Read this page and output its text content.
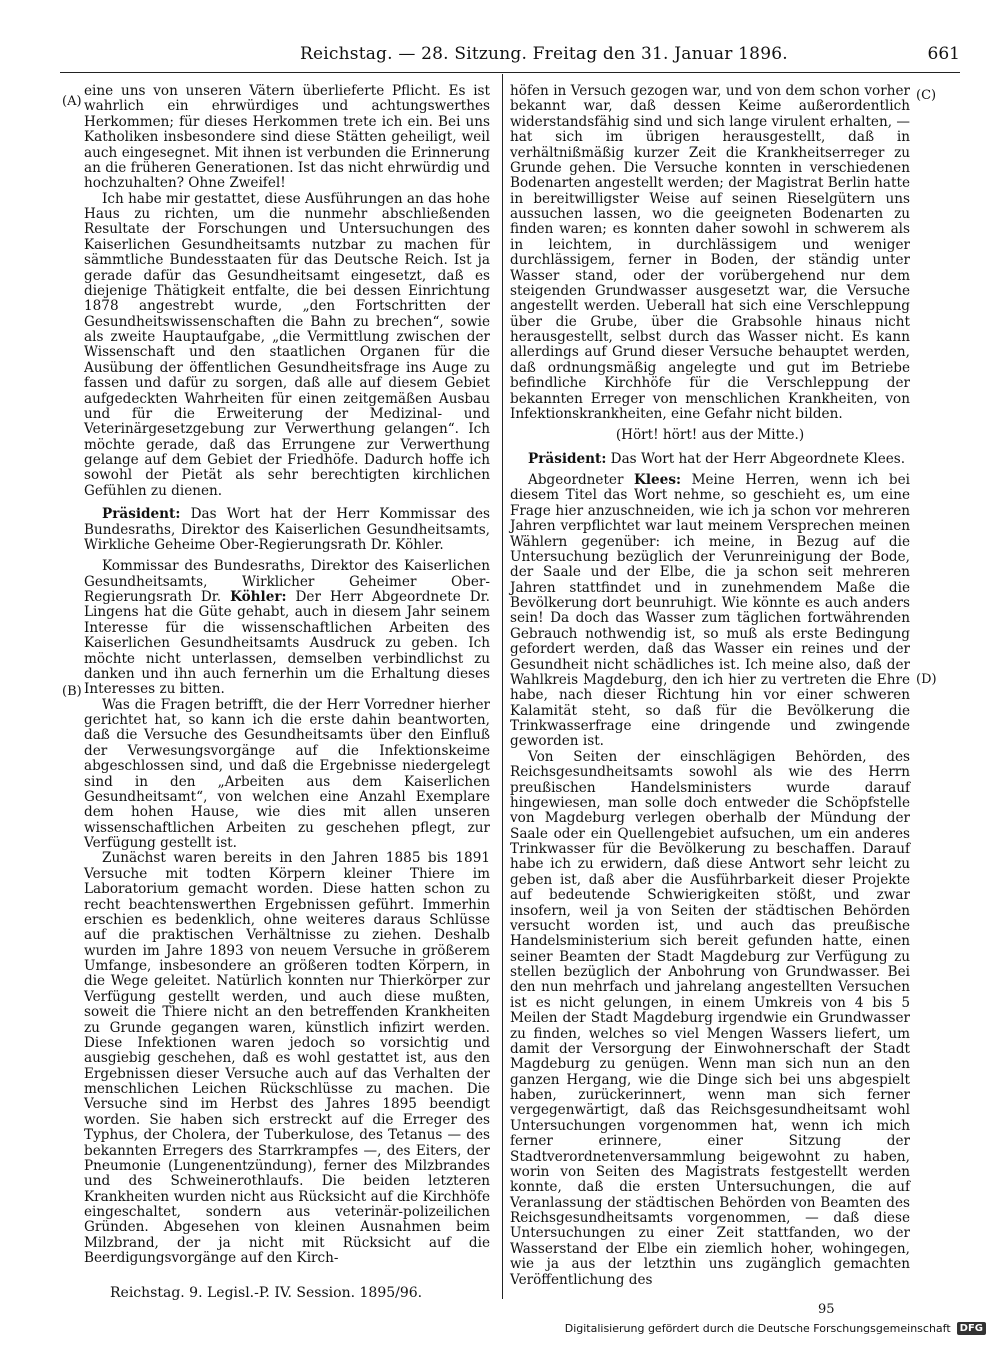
Reichstag. — 28. Sitzung. Freitag den 31. Januar 1896.	661
(A)
(B)
(C)
(D)

eine uns von unseren Vätern überlieferte Pflicht. Es ist wahrlich ein ehrwürdiges und achtungswerthes Herkommen; für dieses Herkommen trete ich ein. Bei uns Katholiken insbesondere sind diese Stätten geheiligt, weil auch eingesegnet. Mit ihnen ist verbunden die Erinnerung an die früheren Generationen. Ist das nicht ehrwürdig und hochzuhalten? Ohne Zweifel!

Ich habe mir gestattet, diese Ausführungen an das hohe Haus zu richten, um die nunmehr abschließenden Resultate der Forschungen und Untersuchungen des Kaiserlichen Gesundheitsamts nutzbar zu machen für sämmtliche Bundesstaaten für das Deutsche Reich. Ist ja gerade dafür das Gesundheitsamt eingesetzt, daß es diejenige Thätigkeit entfalte, die bei dessen Einrichtung 1878 angestrebt wurde, „den Fortschritten der Gesundheitswissenschaften die Bahn zu brechen“, sowie als zweite Hauptaufgabe, „die Vermittlung zwischen der Wissenschaft und den staatlichen Organen für die Ausübung der öffentlichen Gesundheitsfrage ins Auge zu fassen und dafür zu sorgen, daß alle auf diesem Gebiet aufgedeckten Wahrheiten für einen zeitgemäßen Ausbau und für die Erweiterung der Medizinal- und Veterinärgesetzgebung zur Verwerthung gelangen“. Ich möchte gerade, daß das Errungene zur Verwerthung gelange auf dem Gebiet der Friedhöfe. Dadurch hoffe ich sowohl der Pietät als sehr berechtigten kirchlichen Gefühlen zu dienen.

Präsident: Das Wort hat der Herr Kommissar des Bundesraths, Direktor des Kaiserlichen Gesundheitsamts, Wirkliche Geheime Ober-Regierungsrath Dr. Köhler.

Kommissar des Bundesraths, Direktor des Kaiserlichen Gesundheitsamts, Wirklicher Geheimer Ober-Regierungsrath Dr. Köhler: Der Herr Abgeordnete Dr. Lingens hat die Güte gehabt, auch in diesem Jahr seinem Interesse für die wissenschaftlichen Arbeiten des Kaiserlichen Gesundheitsamts Ausdruck zu geben. Ich möchte nicht unterlassen, demselben verbindlichst zu danken und ihn auch fernerhin um die Erhaltung dieses Interesses zu bitten.

Was die Fragen betrifft, die der Herr Vorredner hierher gerichtet hat, so kann ich die erste dahin beantworten, daß die Versuche des Gesundheitsamts über den Einfluß der Verwesungsvorgänge auf die Infektionskeime abgeschlossen sind, und daß die Ergebnisse niedergelegt sind in den „Arbeiten aus dem Kaiserlichen Gesundheitsamt“, von welchen eine Anzahl Exemplare dem hohen Hause, wie dies mit allen unseren wissenschaftlichen Arbeiten zu geschehen pflegt, zur Verfügung gestellt ist.

Zunächst waren bereits in den Jahren 1885 bis 1891 Versuche mit todten Körpern kleiner Thiere im Laboratorium gemacht worden. Diese hatten schon zu recht beachtenswerthen Ergebnissen geführt. Immerhin erschien es bedenklich, ohne weiteres daraus Schlüsse auf die praktischen Verhältnisse zu ziehen. Deshalb wurden im Jahre 1893 von neuem Versuche in größerem Umfange, insbesondere an größeren todten Körpern, in die Wege geleitet. Natürlich konnten nur Thierkörper zur Verfügung gestellt werden, und auch diese mußten, soweit die Thiere nicht an den betreffenden Krankheiten zu Grunde gegangen waren, künstlich infizirt werden. Diese Infektionen waren jedoch so vorsichtig und ausgiebig geschehen, daß es wohl gestattet ist, aus den Ergebnissen dieser Versuche auch auf das Verhalten der menschlichen Leichen Rückschlüsse zu machen. Die Versuche sind im Herbst des Jahres 1895 beendigt worden. Sie haben sich erstreckt auf die Erreger des Typhus, der Cholera, der Tuberkulose, des Tetanus — des bekannten Erregers des Starrkrampfes —, des Eiters, der Pneumonie (Lungenentzündung), ferner des Milzbrandes und des Schweinerothlaufs. Die beiden letzteren Krankheiten wurden nicht aus Rücksicht auf die Kirchhöfe eingeschaltet, sondern aus veterinär-polizeilichen Gründen. Abgesehen von kleinen Ausnahmen beim Milzbrand, der ja nicht mit Rücksicht auf die Beerdigungsvorgänge auf den Kirch-

höfen in Versuch gezogen war, und von dem schon vorher bekannt war, daß dessen Keime außerordentlich widerstandsfähig sind und sich lange virulent erhalten, — hat sich im übrigen herausgestellt, daß in verhältnißmäßig kurzer Zeit die Krankheitserreger zu Grunde gehen. Die Versuche konnten in verschiedenen Bodenarten angestellt werden; der Magistrat Berlin hatte in bereitwilligster Weise auf seinen Rieselgütern uns aussuchen lassen, wo die geeigneten Bodenarten zu finden waren; es konnten daher sowohl in schwerem als in leichtem, in durchlässigem und weniger durchlässigem, ferner in Boden, der ständig unter Wasser stand, oder der vorübergehend nur dem steigenden Grundwasser ausgesetzt war, die Versuche angestellt werden. Ueberall hat sich eine Verschleppung über die Grube, über die Grabsohle hinaus nicht herausgestellt, selbst durch das Wasser nicht. Es kann allerdings auf Grund dieser Versuche behauptet werden, daß ordnungsmäßig angelegte und gut im Betriebe befindliche Kirchhöfe für die Verschleppung der bekannten Erreger von menschlichen Krankheiten, von Infektionskrankheiten, eine Gefahr nicht bilden.

(Hört! hört! aus der Mitte.)

Präsident: Das Wort hat der Herr Abgeordnete Klees.

Abgeordneter Klees: Meine Herren, wenn ich bei diesem Titel das Wort nehme, so geschieht es, um eine Frage hier anzuschneiden, wie ich ja schon vor mehreren Jahren verpflichtet war laut meinem Versprechen meinen Wählern gegenüber: ich meine, in Bezug auf die Untersuchung bezüglich der Verunreinigung der Bode, der Saale und der Elbe, die ja schon seit mehreren Jahren stattfindet und in zunehmendem Maße die Bevölkerung dort beunruhigt. Wie könnte es auch anders sein! Da doch das Wasser zum täglichen fortwährenden Gebrauch nothwendig ist, so muß als erste Bedingung gefordert werden, daß das Wasser ein reines und der Gesundheit nicht schädliches ist. Ich meine also, daß der Wahlkreis Magdeburg, den ich hier zu vertreten die Ehre habe, nach dieser Richtung hin vor einer schweren Kalamität steht, so daß für die Bevölkerung die Trinkwasserfrage eine dringende und zwingende geworden ist.

Von Seiten der einschlägigen Behörden, des Reichsgesundheitsamts sowohl als wie des Herrn preußischen Handelsministers wurde darauf hingewiesen, man solle doch entweder die Schöpfstelle von Magdeburg verlegen oberhalb der Mündung der Saale oder ein Quellengebiet aufsuchen, um ein anderes Trinkwasser für die Bevölkerung zu beschaffen. Darauf habe ich zu erwidern, daß diese Antwort sehr leicht zu geben ist, daß aber die Ausführbarkeit dieser Projekte auf bedeutende Schwierigkeiten stößt, und zwar insofern, weil ja von Seiten der städtischen Behörden versucht worden ist, und auch das preußische Handelsministerium sich bereit gefunden hatte, einen seiner Beamten der Stadt Magdeburg zur Verfügung zu stellen bezüglich der Anbohrung von Grundwasser. Bei den nun mehrfach und jahrelang angestellten Versuchen ist es nicht gelungen, in einem Umkreis von 4 bis 5 Meilen der Stadt Magdeburg irgendwie ein Grundwasser zu finden, welches so viel Mengen Wassers liefert, um damit der Versorgung der Einwohnerschaft der Stadt Magdeburg zu genügen. Wenn man sich nun an den ganzen Hergang, wie die Dinge sich bei uns abgespielt haben, zurückerinnert, wenn man sich ferner vergegenwärtigt, daß das Reichsgesundheitsamt wohl Untersuchungen vorgenommen hat, wenn ich mich ferner erinnere, einer Sitzung der Stadtverordnetenversammlung beigewohnt zu haben, worin von Seiten des Magistrats festgestellt werden konnte, daß die ersten Untersuchungen, die auf Veranlassung der städtischen Behörden von Beamten des Reichsgesundheitsamts vorgenommen, — daß diese Untersuchungen zu einer Zeit stattfanden, wo der Wasserstand der Elbe ein ziemlich hoher, wohingegen, wie ja aus der letzthin uns zugänglich gemachten Veröffentlichung des

Reichstag. 9. Legisl.-P. IV. Session. 1895/96.
95
Digitalisierung gefördert durch die Deutsche Forschungsgemeinschaft DFG
